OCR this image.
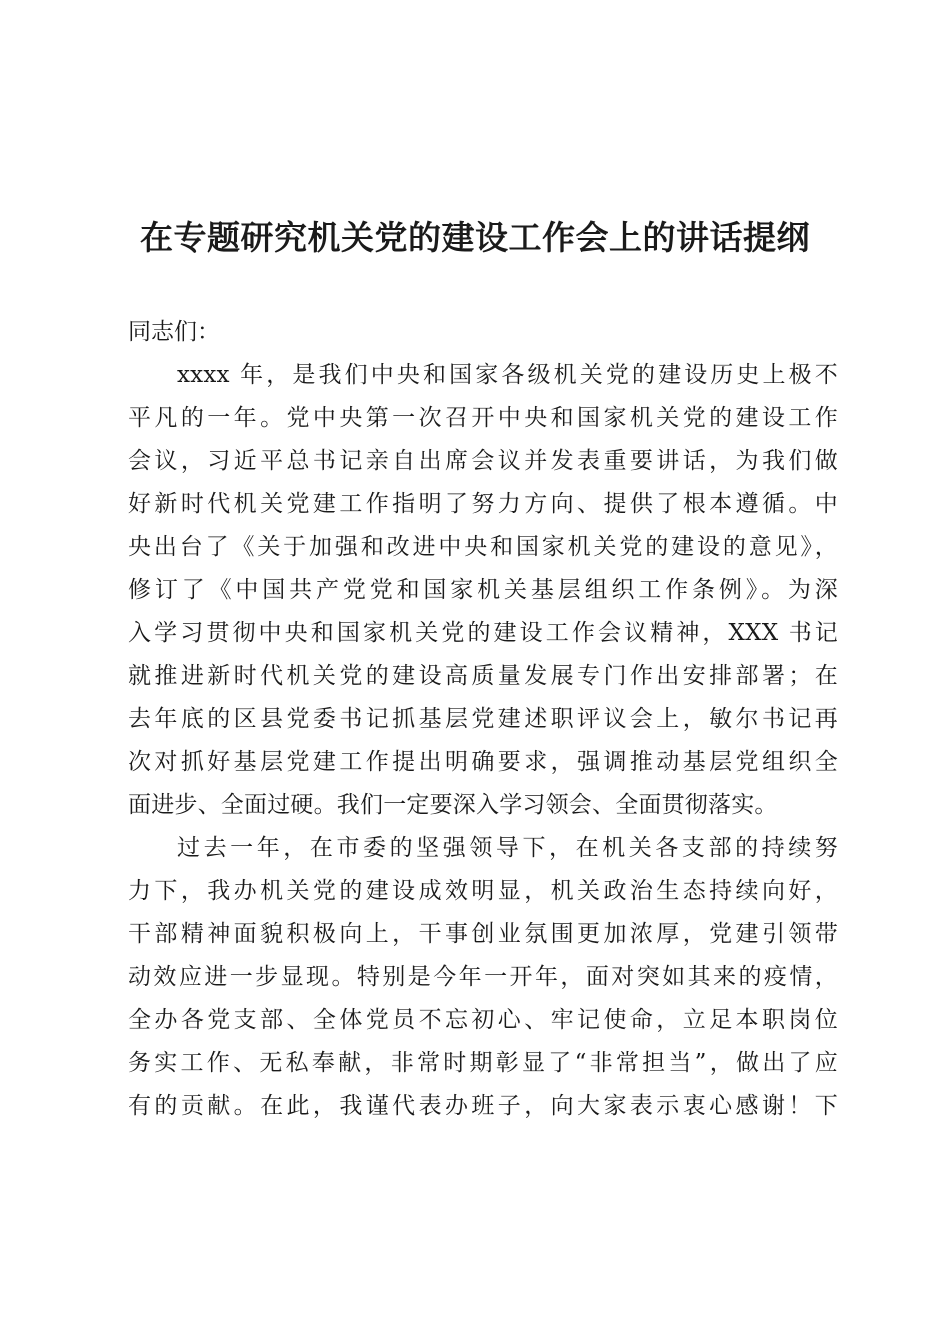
在专题研究机关党的建设工作会上的讲话提纲

同志们：

xxxx 年，是我们中央和国家各级机关党的建设历史上极不

平凡的一年。党中央第一次召开中央和国家机关党的建设工作

会议，习近平总书记亲自出席会议并发表重要讲话，为我们做

好新时代机关党建工作指明了努力方向、提供了根本遵循。中

央出台了《关于加强和改进中央和国家机关党的建设的意见》，

修订了《中国共产党党和国家机关基层组织工作条例》。为深

入学习贯彻中央和国家机关党的建设工作会议精神，XXX 书记

就推进新时代机关党的建设高质量发展专门作出安排部署；在

去年底的区县党委书记抓基层党建述职评议会上，敏尔书记再

次对抓好基层党建工作提出明确要求，强调推动基层党组织全

面进步、全面过硬。我们一定要深入学习领会、全面贯彻落实。

过去一年，在市委的坚强领导下，在机关各支部的持续努

力下，我办机关党的建设成效明显，机关政治生态持续向好，

干部精神面貌积极向上，干事创业氛围更加浓厚，党建引领带

动效应进一步显现。特别是今年一开年，面对突如其来的疫情，

全办各党支部、全体党员不忘初心、牢记使命，立足本职岗位

务实工作、无私奉献，非常时期彰显了“非常担当”，做出了应

有的贡献。在此，我谨代表办班子，向大家表示衷心感谢！下
